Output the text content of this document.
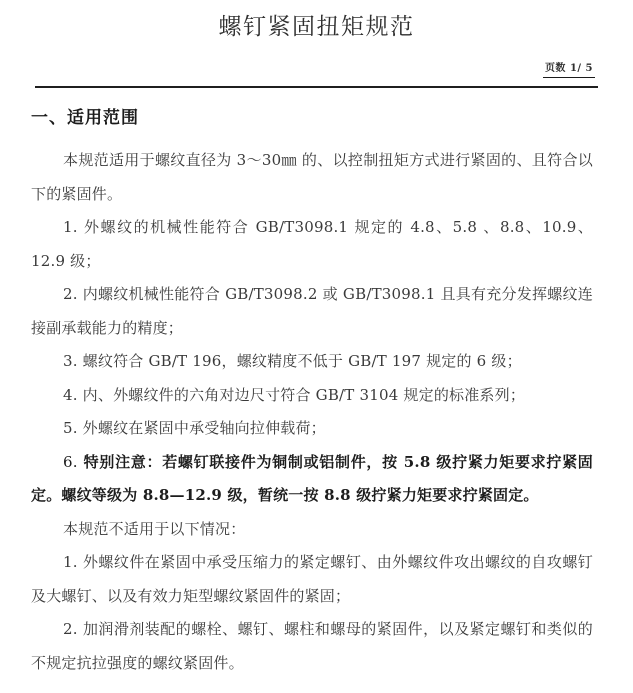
螺钉紧固扭矩规范
页数 1/ 5
一、适用范围

本规范适用于螺纹直径为 3～30㎜ 的、以控制扭矩方式进行紧固的、且符合以下的紧固件。

1. 外螺纹的机械性能符合 GB/T3098.1 规定的 4.8、5.8 、8.8、10.9、12.9 级；

2. 内螺纹机械性能符合 GB/T3098.2 或 GB/T3098.1 且具有充分发挥螺纹连接副承载能力的精度；

3. 螺纹符合 GB/T 196，螺纹精度不低于 GB/T 197 规定的 6 级；

4. 内、外螺纹件的六角对边尺寸符合 GB/T 3104 规定的标准系列；

5. 外螺纹在紧固中承受轴向拉伸载荷；

6. 特别注意：若螺钉联接件为铜制或铝制件，按 5.8 级拧紧力矩要求拧紧固定。螺纹等级为 8.8—12.9 级，暂统一按 8.8 级拧紧力矩要求拧紧固定。

本规范不适用于以下情况：

1. 外螺纹件在紧固中承受压缩力的紧定螺钉、由外螺纹件攻出螺纹的自攻螺钉及大螺钉、以及有效力矩型螺纹紧固件的紧固；

2. 加润滑剂装配的螺栓、螺钉、螺柱和螺母的紧固件，以及紧定螺钉和类似的不规定抗拉强度的螺纹紧固件。
